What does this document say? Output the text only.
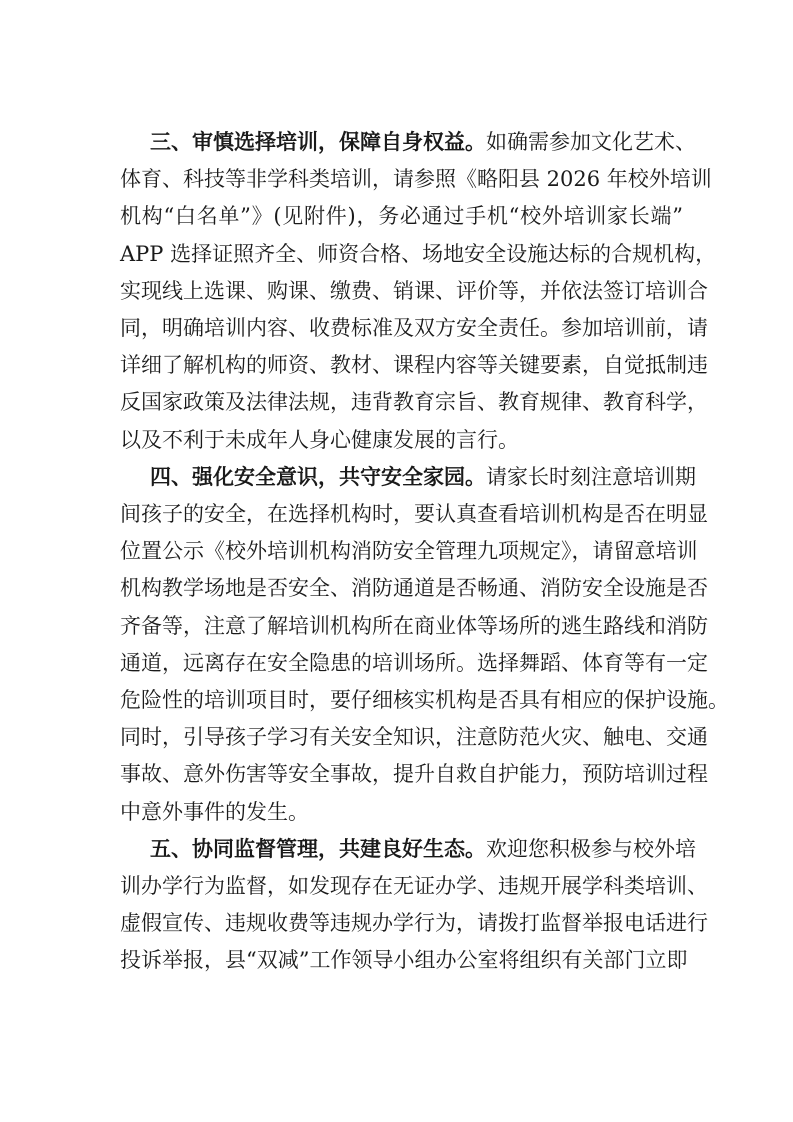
三、审慎选择培训，保障自身权益。如确需参加文化艺术、
体育、科技等非学科类培训，请参照《略阳县 2026 年校外培训
机构“白名单”》(见附件)，务必通过手机“校外培训家长端”
APP 选择证照齐全、师资合格、场地安全设施达标的合规机构，
实现线上选课、购课、缴费、销课、评价等，并依法签订培训合
同，明确培训内容、收费标准及双方安全责任。参加培训前，请
详细了解机构的师资、教材、课程内容等关键要素，自觉抵制违
反国家政策及法律法规，违背教育宗旨、教育规律、教育科学，
以及不利于未成年人身心健康发展的言行。
四、强化安全意识，共守安全家园。请家长时刻注意培训期
间孩子的安全，在选择机构时，要认真查看培训机构是否在明显
位置公示《校外培训机构消防安全管理九项规定》，请留意培训
机构教学场地是否安全、消防通道是否畅通、消防安全设施是否
齐备等，注意了解培训机构所在商业体等场所的逃生路线和消防
通道，远离存在安全隐患的培训场所。选择舞蹈、体育等有一定
危险性的培训项目时，要仔细核实机构是否具有相应的保护设施。
同时，引导孩子学习有关安全知识，注意防范火灾、触电、交通
事故、意外伤害等安全事故，提升自救自护能力，预防培训过程
中意外事件的发生。
五、协同监督管理，共建良好生态。欢迎您积极参与校外培
训办学行为监督，如发现存在无证办学、违规开展学科类培训、
虚假宣传、违规收费等违规办学行为，请拨打监督举报电话进行
投诉举报，县“双减”工作领导小组办公室将组织有关部门立即
